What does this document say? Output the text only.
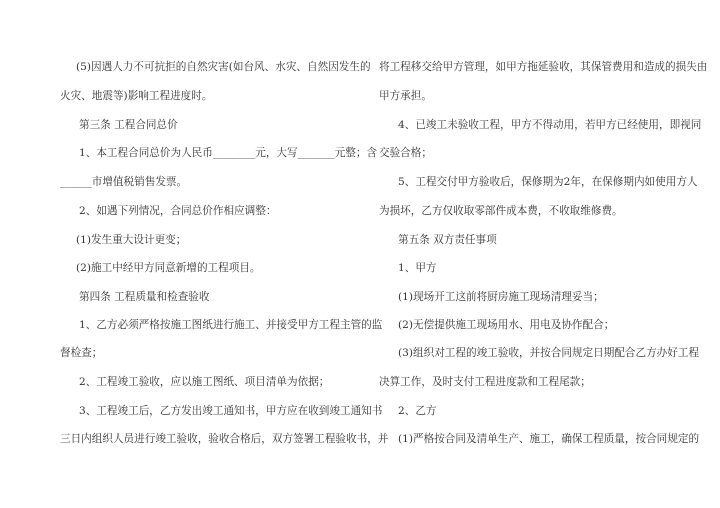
(5)因遇人力不可抗拒的自然灾害(如台风、水灾、自然因发生的
火灾、地震等)影响工程进度时。
第三条 工程合同总价
1、本工程合同总价为人民币________元，大写_______元整；含
______市增值税销售发票。
2、如遇下列情况，合同总价作相应调整：
(1)发生重大设计更变；
(2)施工中经甲方同意新增的工程项目。
第四条 工程质量和检查验收
1、乙方必须严格按施工图纸进行施工、并接受甲方工程主管的监
督检查；
2、工程竣工验收，应以施工图纸、项目清单为依据；
3、工程竣工后，乙方发出竣工通知书，甲方应在收到竣工通知书
三日内组织人员进行竣工验收，验收合格后，双方签署工程验收书，并
将工程移交给甲方管理，如甲方拖延验收，其保管费用和造成的损失由
甲方承担。
4、已竣工未验收工程，甲方不得动用，若甲方已经使用，即视同
交验合格；
5、工程交付甲方验收后，保修期为2年，在保修期内如使用方人
为损坏，乙方仅收取零部件成本费，不收取维修费。
第五条 双方责任事项
1、甲方
(1)现场开工这前将厨房施工现场清理妥当；
(2)无偿提供施工现场用水、用电及协作配合；
(3)组织对工程的竣工验收，并按合同规定日期配合乙方办好工程
决算工作，及时支付工程进度款和工程尾款；
2、乙方
(1)严格按合同及清单生产、施工，确保工程质量，按合同规定的
